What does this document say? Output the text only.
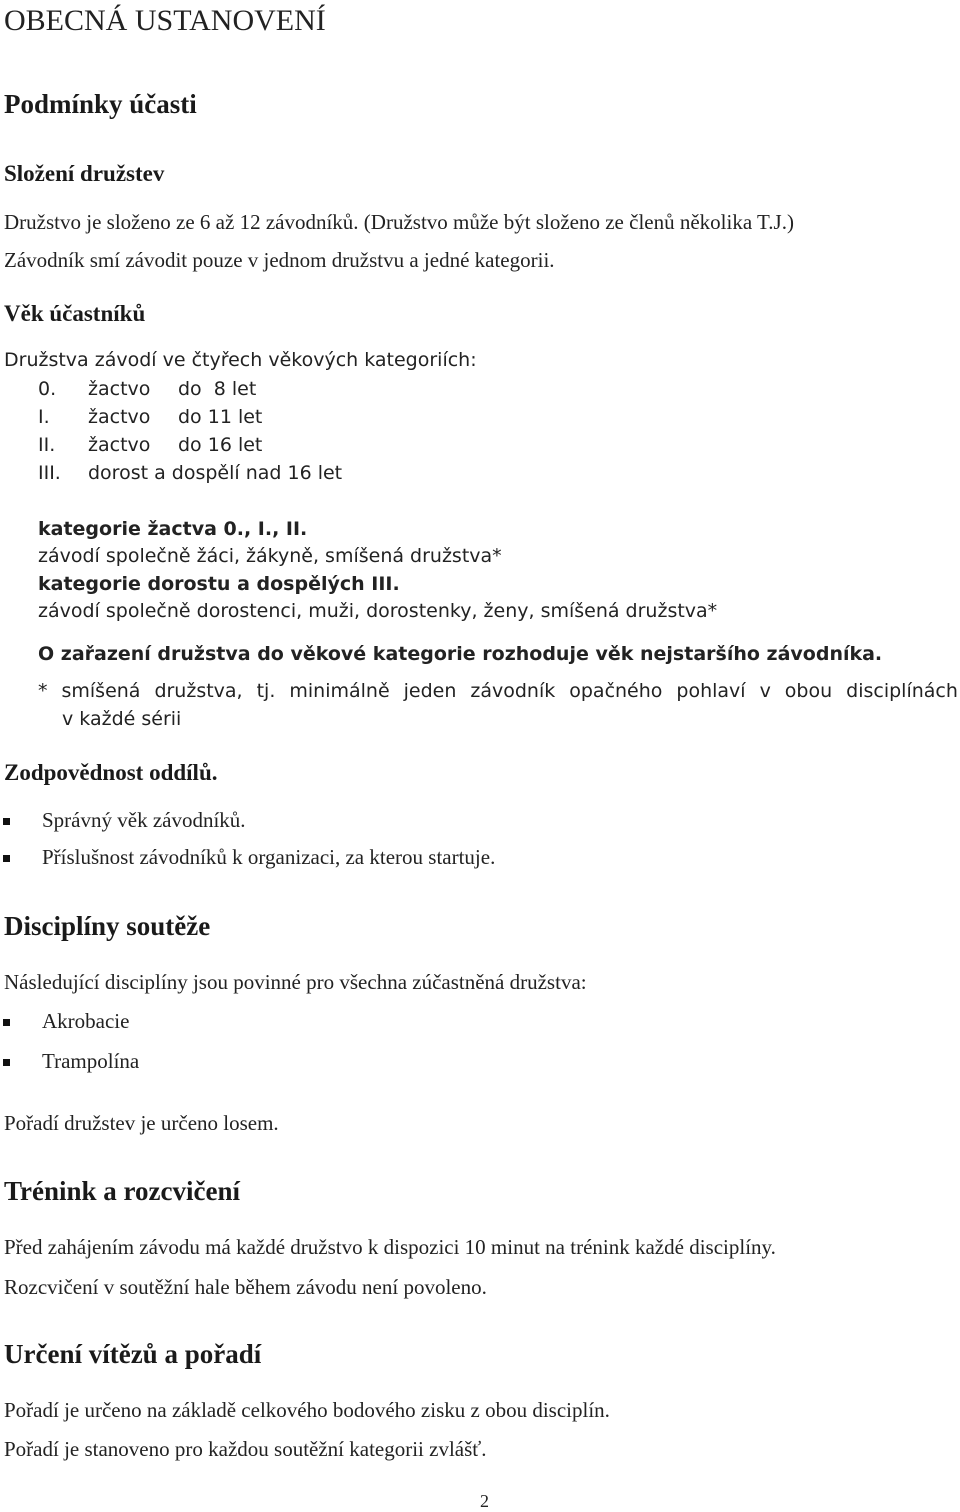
OBECNÁ USTANOVENÍ
Podmínky účasti
Složení družstev
Družstvo je složeno ze 6 až 12 závodníků. (Družstvo může být složeno ze členů několika T.J.)
Závodník smí závodit pouze v jednom družstvu a jedné kategorii.
Věk účastníků
Družstva závodí ve čtyřech věkových kategoriích:
0. žactvo do  8 let
I. žactvo do 11 let
II. žactvo do 16 let
III. dorost a dospělí nad 16 let
kategorie žactva 0., I., II.
závodí společně žáci, žákyně, smíšená družstva*
kategorie dorostu a dospělých III.
závodí společně dorostenci, muži, dorostenky, ženy, smíšená družstva*
O zařazení družstva do věkové kategorie rozhoduje věk nejstaršího závodníka.
* smíšená družstva, tj. minimálně jeden závodník opačného pohlaví v obou disciplínách
v každé sérii
Zodpovědnost oddílů.
Správný věk závodníků.
Příslušnost závodníků k organizaci, za kterou startuje.
Disciplíny soutěže
Následující disciplíny jsou povinné pro všechna zúčastněná družstva:
Akrobacie
Trampolína
Pořadí družstev je určeno losem.
Trénink a rozcvičení
Před zahájením závodu má každé družstvo k dispozici 10 minut na trénink každé disciplíny.
Rozcvičení v soutěžní hale během závodu není povoleno.
Určení vítězů a pořadí
Pořadí je určeno na základě celkového bodového zisku z obou disciplín.
Pořadí je stanoveno pro každou soutěžní kategorii zvlášť.
2
